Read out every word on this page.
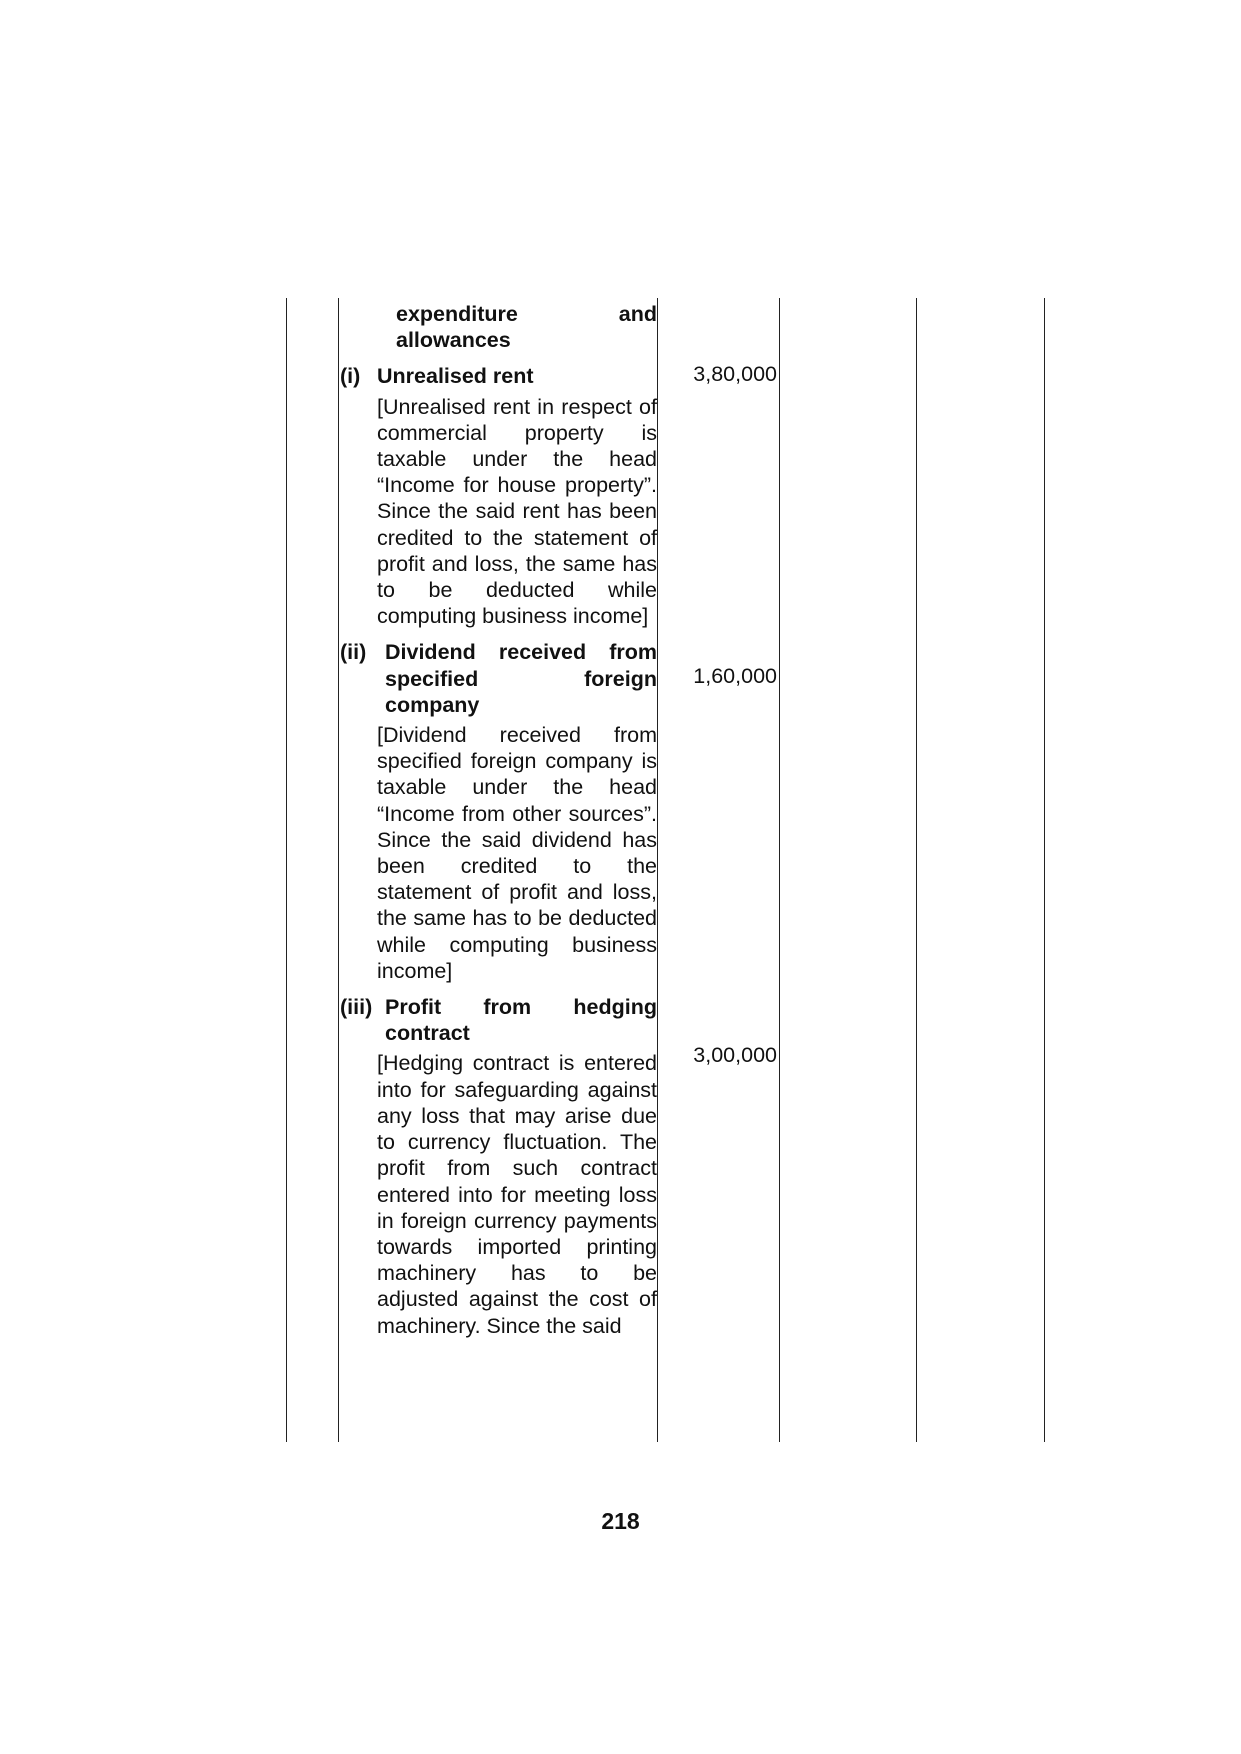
expenditure and allowances
(i) Unrealised rent
[Unrealised rent in respect of commercial property is taxable under the head “Income for house property”. Since the said rent has been credited to the statement of profit and loss, the same has to be deducted while computing business income]
(ii) Dividend received from specified foreign company
[Dividend received from specified foreign company is taxable under the head “Income from other sources”. Since the said dividend has been credited to the statement of profit and loss, the same has to be deducted while computing business income]
(iii) Profit from hedging contract
[Hedging contract is entered into for safeguarding against any loss that may arise due to currency fluctuation. The profit from such contract entered into for meeting loss in foreign currency payments towards imported printing machinery has to be adjusted against the cost of machinery. Since the said
3,80,000
1,60,000
3,00,000
218
